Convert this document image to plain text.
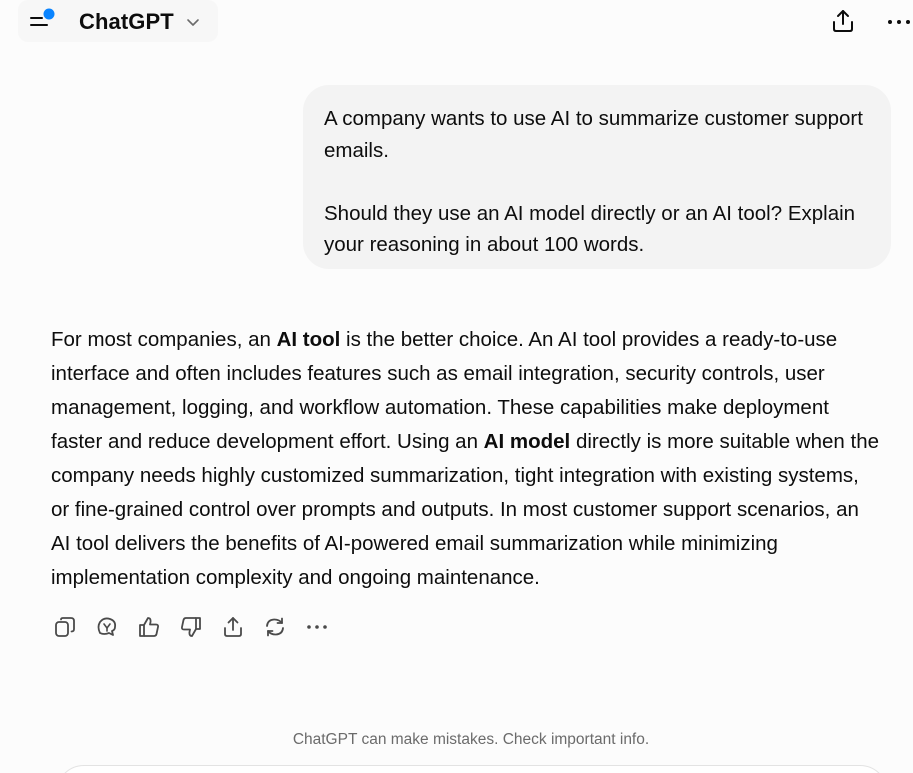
ChatGPT

A company wants to use AI to summarize customer support emails.

Should they use an AI model directly or an AI tool? Explain your reasoning in about 100 words.

For most companies, an AI tool is the better choice. An AI tool provides a ready-to-use interface and often includes features such as email integration, security controls, user management, logging, and workflow automation. These capabilities make deployment faster and reduce development effort. Using an AI model directly is more suitable when the company needs highly customized summarization, tight integration with existing systems, or fine-grained control over prompts and outputs. In most customer support scenarios, an AI tool delivers the benefits of AI-powered email summarization while minimizing implementation complexity and ongoing maintenance.
ChatGPT can make mistakes. Check important info.
